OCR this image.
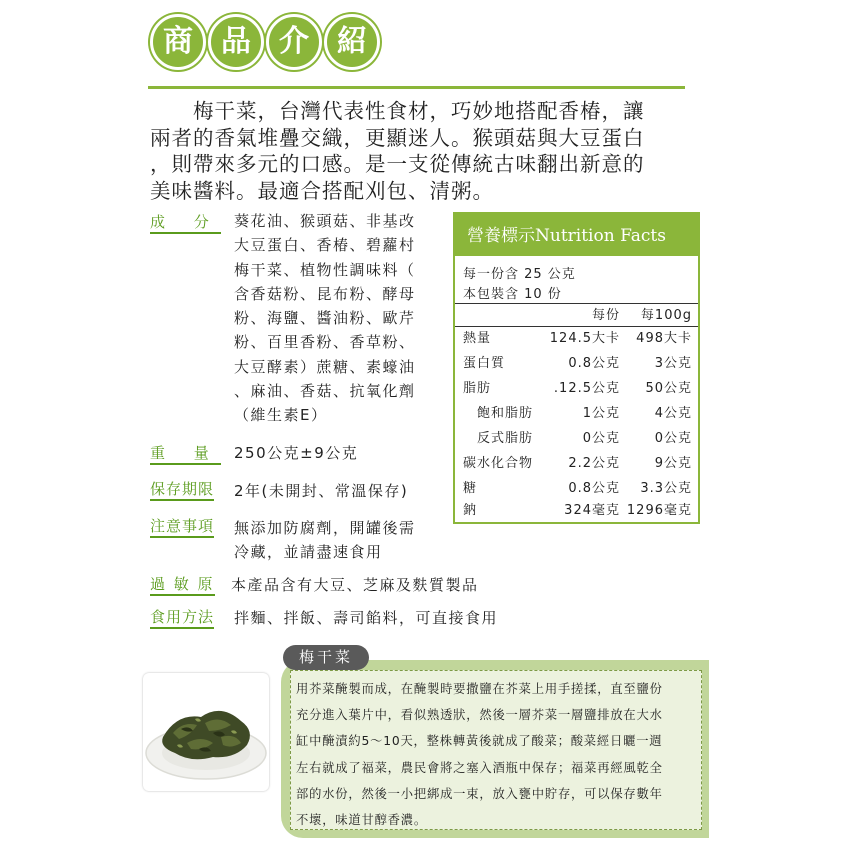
商 品 介 紹
　　梅干菜，台灣代表性食材，巧妙地搭配香椿，讓
兩者的香氣堆疊交織，更顯迷人。猴頭菇與大豆蛋白
，則帶來多元的口感。是一支從傳統古味翻出新意的
美味醬料。最適合搭配刈包、清粥。
成 分 葵花油、猴頭菇、非基改
大豆蛋白、香椿、碧蘿村
梅干菜、植物性調味料（
含香菇粉、昆布粉、酵母
粉、海鹽、醬油粉、歐芹
粉、百里香粉、香草粉、
大豆酵素）蔗糖、素蠔油
、麻油、香菇、抗氧化劑
（維生素E）
重 量 250公克±9公克
保存期限 2年(未開封、常溫保存)
注意事項 無添加防腐劑，開罐後需
冷藏，並請盡速食用
過 敏 原 本產品含有大豆、芝麻及麩質製品
食用方法 拌麵、拌飯、壽司餡料，可直接食用
營養標示Nutrition Facts
每一份含 25 公克
本包裝含 10 份
每份 每100g
熱量	124.5大卡 498大卡
蛋白質	0.8公克	3公克
脂肪	.12.5公克 50公克
　飽和脂肪	1公克	4公克
　反式脂肪	0公克	0公克
碳水化合物	2.2公克	9公克
糖	0.8公克 3.3公克
鈉	324毫克 1296毫克
梅干菜
用芥菜醃製而成，在醃製時要撒鹽在芥菜上用手搓揉，直至鹽份
充分進入葉片中，看似熟透狀，然後一層芥菜一層鹽排放在大水
缸中醃漬約5～10天，整株轉黃後就成了酸菜；酸菜經日曬一週
左右就成了福菜，農民會將之塞入酒瓶中保存；福菜再經風乾全
部的水份，然後一小把綁成一束，放入甕中貯存，可以保存數年
不壞，味道甘醇香濃。
